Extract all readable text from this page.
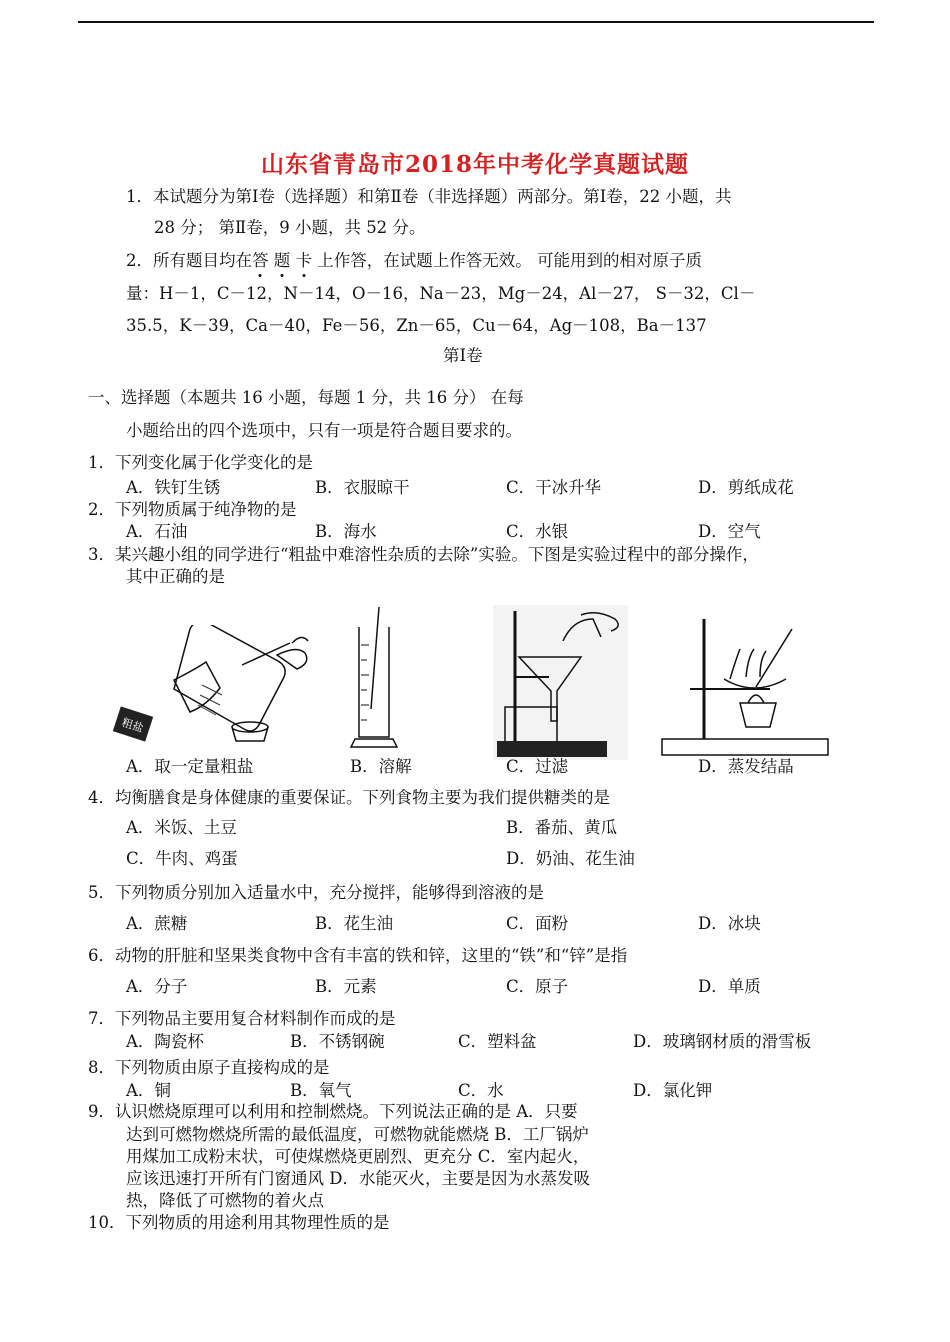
山东省青岛市2018年中考化学真题试题
1．本试题分为第Ⅰ卷（选择题）和第Ⅱ卷（非选择题）两部分。第Ⅰ卷，22 小题，共
28 分； 第Ⅱ卷，9 小题，共 52 分。
2．所有题目均在答 题 卡 上作答，在试题上作答无效。 可能用到的相对原子质
量：H－1，C－12，N－14，O－16，Na－23，Mg－24，Al－27， S－32，Cl－
35.5，K－39，Ca－40，Fe－56，Zn－65，Cu－64，Ag－108，Ba－137
第Ⅰ卷
一、选择题（本题共 16 小题，每题 1 分，共 16 分） 在每
小题给出的四个选项中，只有一项是符合题目要求的。
1．下列变化属于化学变化的是
A．铁钉生锈	B．衣服晾干	C．干冰升华	D．剪纸成花
2．下列物质属于纯净物的是
A．石油	B．海水	C．水银	D．空气
3．某兴趣小组的同学进行“粗盐中难溶性杂质的去除”实验。下图是实验过程中的部分操作，
其中正确的是
粗盐
A．取一定量粗盐	B．溶解	C．过滤	D．蒸发结晶
4．均衡膳食是身体健康的重要保证。下列食物主要为我们提供糖类的是
A．米饭、土豆	B．番茄、黄瓜
C．牛肉、鸡蛋	D．奶油、花生油
5．下列物质分别加入适量水中，充分搅拌，能够得到溶液的是
A．蔗糖	B．花生油	C．面粉	D．冰块
6．动物的肝脏和坚果类食物中含有丰富的铁和锌，这里的“铁”和“锌”是指
A．分子	B．元素	C．原子	D．单质
7．下列物品主要用复合材料制作而成的是
A．陶瓷杯	B．不锈钢碗	C．塑料盆	D．玻璃钢材质的滑雪板
8．下列物质由原子直接构成的是
A．铜	B．氧气	C．水	D．氯化钾
9．认识燃烧原理可以利用和控制燃烧。下列说法正确的是 A．只要
达到可燃物燃烧所需的最低温度，可燃物就能燃烧 B．工厂锅炉
用煤加工成粉末状，可使煤燃烧更剧烈、更充分 C．室内起火，
应该迅速打开所有门窗通风 D．水能灭火，主要是因为水蒸发吸
热，降低了可燃物的着火点
10．下列物质的用途利用其物理性质的是
